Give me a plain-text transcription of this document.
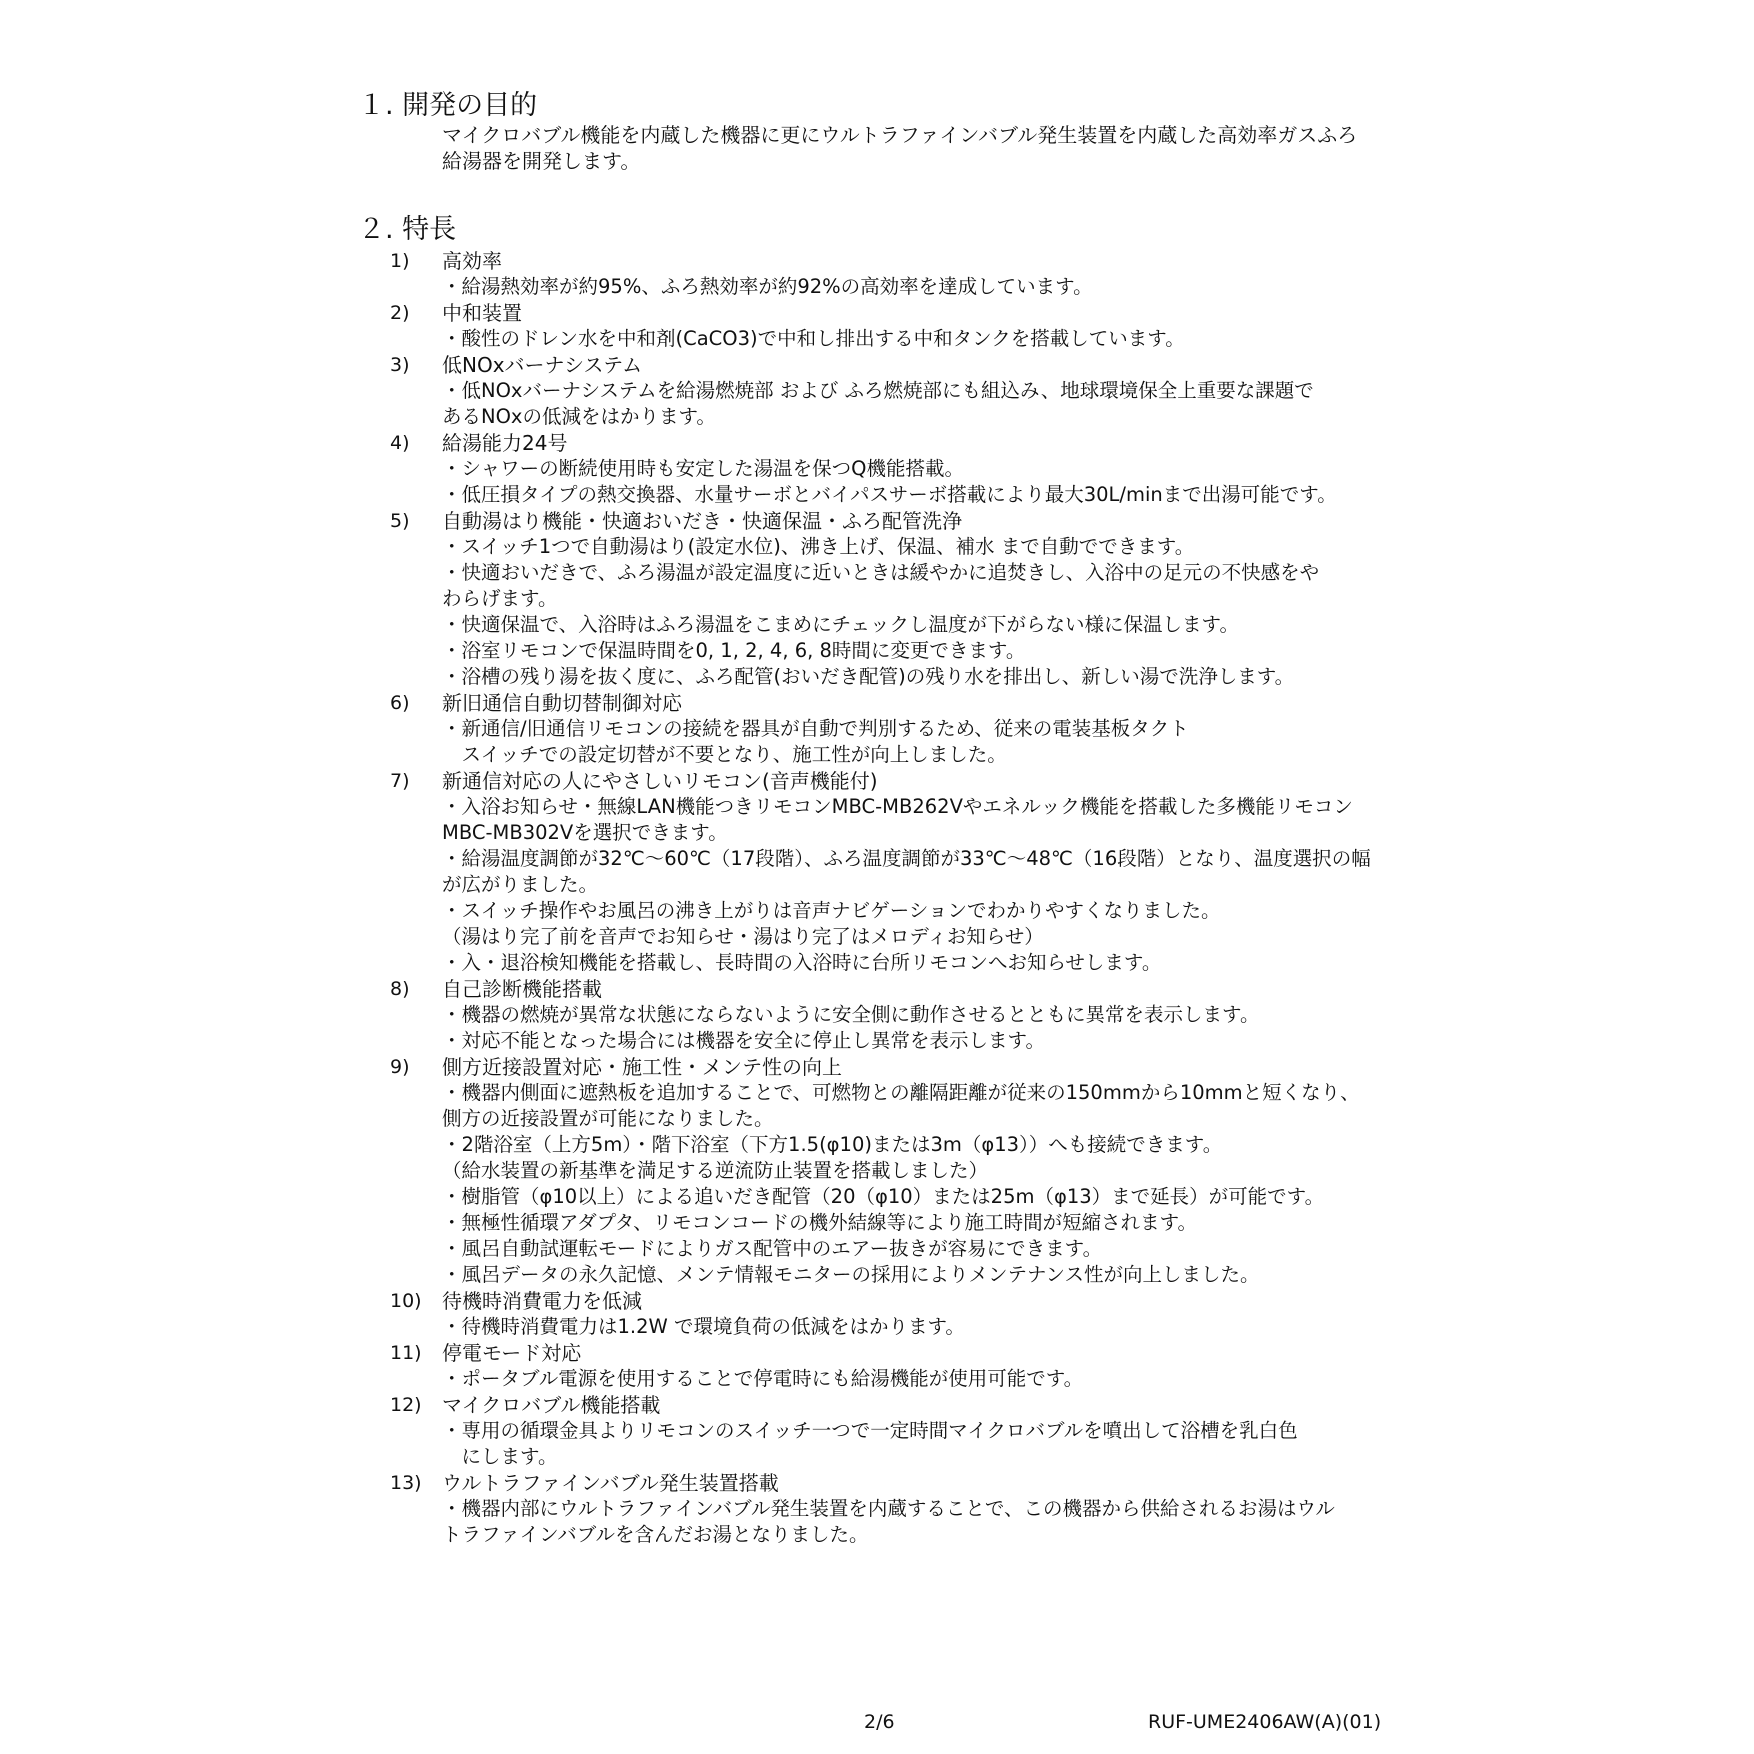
１. 開発の目的
マイクロバブル機能を内蔵した機器に更にウルトラファインバブル発生装置を内蔵した高効率ガスふろ
給湯器を開発します。
２. 特長
1)	高効率
・給湯熱効率が約95%、ふろ熱効率が約92%の高効率を達成しています。
2)	中和装置
・酸性のドレン水を中和剤(CaCO3)で中和し排出する中和タンクを搭載しています。
3)	低NOxバーナシステム
・低NOxバーナシステムを給湯燃焼部 および ふろ燃焼部にも組込み、地球環境保全上重要な課題で
あるNOxの低減をはかります。
4)	給湯能力24号
・シャワーの断続使用時も安定した湯温を保つQ機能搭載。
・低圧損タイプの熱交換器、水量サーボとバイパスサーボ搭載により最大30L/minまで出湯可能です。
5)	自動湯はり機能・快適おいだき・快適保温・ふろ配管洗浄
・スイッチ1つで自動湯はり(設定水位)、沸き上げ、保温、補水 まで自動でできます。
・快適おいだきで、ふろ湯温が設定温度に近いときは緩やかに追焚きし、入浴中の足元の不快感をや
わらげます。
・快適保温で、入浴時はふろ湯温をこまめにチェックし温度が下がらない様に保温します。
・浴室リモコンで保温時間を0, 1, 2, 4, 6, 8時間に変更できます。
・浴槽の残り湯を抜く度に、ふろ配管(おいだき配管)の残り水を排出し、新しい湯で洗浄します。
6)	新旧通信自動切替制御対応
・新通信/旧通信リモコンの接続を器具が自動で判別するため、従来の電装基板タクト
　スイッチでの設定切替が不要となり、施工性が向上しました。
7)	新通信対応の人にやさしいリモコン(音声機能付)
・入浴お知らせ・無線LAN機能つきリモコンMBC-MB262Vやエネルック機能を搭載した多機能リモコン
MBC-MB302Vを選択できます。
・給湯温度調節が32℃～60℃（17段階）、ふろ温度調節が33℃～48℃（16段階）となり、温度選択の幅
が広がりました。
・スイッチ操作やお風呂の沸き上がりは音声ナビゲーションでわかりやすくなりました。
（湯はり完了前を音声でお知らせ・湯はり完了はメロディお知らせ）
・入・退浴検知機能を搭載し、長時間の入浴時に台所リモコンへお知らせします。
8)	自己診断機能搭載
・機器の燃焼が異常な状態にならないように安全側に動作させるとともに異常を表示します。
・対応不能となった場合には機器を安全に停止し異常を表示します。
9)	側方近接設置対応・施工性・メンテ性の向上
・機器内側面に遮熱板を追加することで、可燃物との離隔距離が従来の150mmから10mmと短くなり、
側方の近接設置が可能になりました。
・2階浴室（上方5m）・階下浴室（下方1.5(φ10)または3m（φ13））へも接続できます。
（給水装置の新基準を満足する逆流防止装置を搭載しました）
・樹脂管（φ10以上）による追いだき配管（20（φ10）または25m（φ13）まで延長）が可能です。
・無極性循環アダプタ、リモコンコードの機外結線等により施工時間が短縮されます。
・風呂自動試運転モードによりガス配管中のエアー抜きが容易にできます。
・風呂データの永久記憶、メンテ情報モニターの採用によりメンテナンス性が向上しました。
10)	待機時消費電力を低減
・待機時消費電力は1.2W で環境負荷の低減をはかります。
11)	停電モード対応
・ポータブル電源を使用することで停電時にも給湯機能が使用可能です。
12)	マイクロバブル機能搭載
・専用の循環金具よりリモコンのスイッチ一つで一定時間マイクロバブルを噴出して浴槽を乳白色
　にします。
13)	ウルトラファインバブル発生装置搭載
・機器内部にウルトラファインバブル発生装置を内蔵することで、この機器から供給されるお湯はウル
トラファインバブルを含んだお湯となりました。
2/6	RUF-UME2406AW(A)(01)
